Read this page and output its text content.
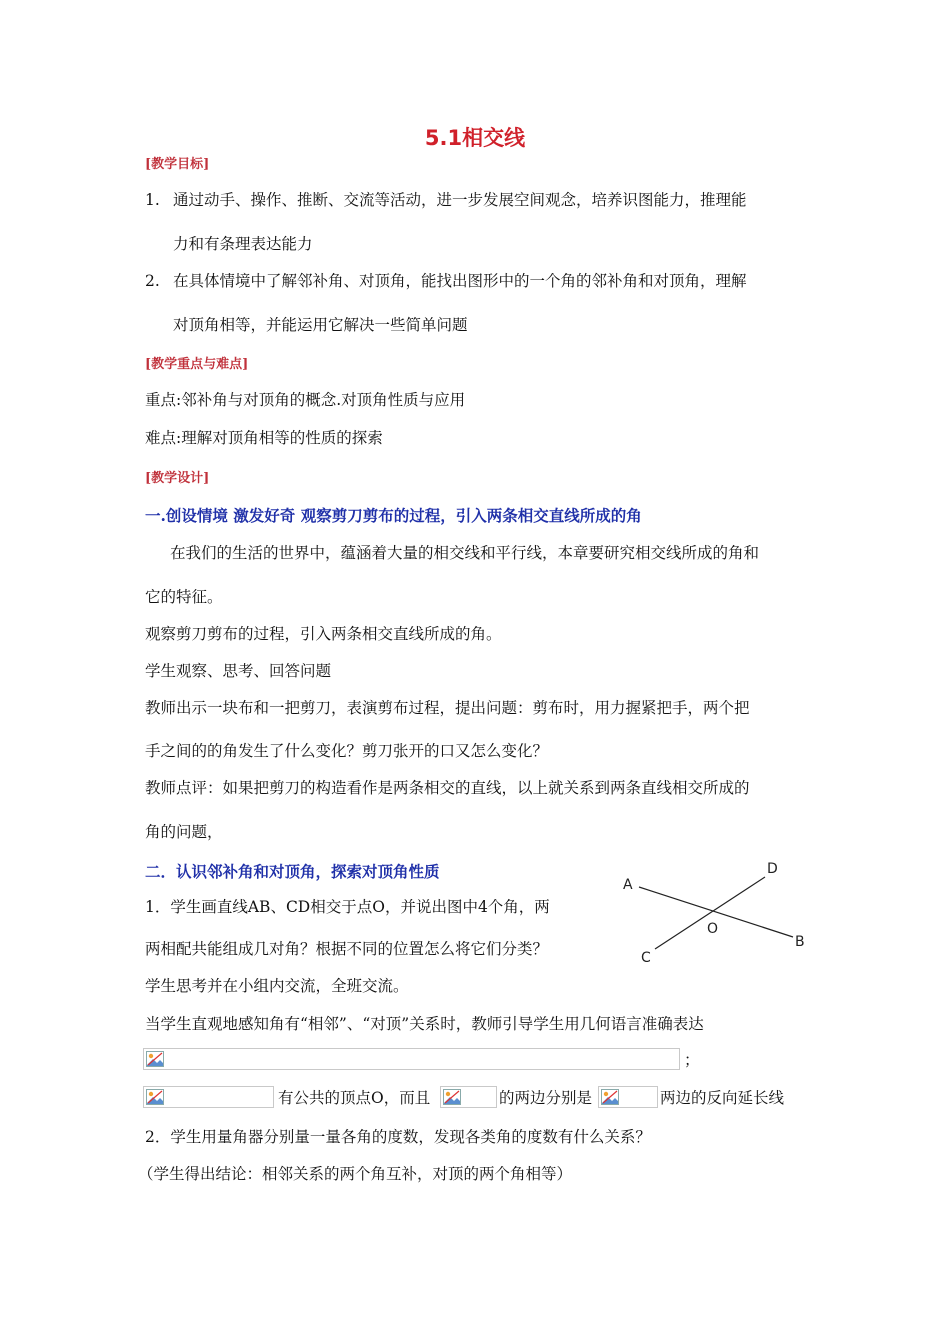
5.1相交线
[教学目标]
1. 通过动手、操作、推断、交流等活动，进一步发展空间观念，培养识图能力，推理能
力和有条理表达能力
2. 在具体情境中了解邻补角、对顶角，能找出图形中的一个角的邻补角和对顶角，理解
对顶角相等，并能运用它解决一些简单问题
[教学重点与难点]
重点:邻补角与对顶角的概念.对顶角性质与应用
难点:理解对顶角相等的性质的探索
[教学设计]
一.创设情境 激发好奇 观察剪刀剪布的过程，引入两条相交直线所成的角
在我们的生活的世界中，蕴涵着大量的相交线和平行线，本章要研究相交线所成的角和
它的特征。
观察剪刀剪布的过程，引入两条相交直线所成的角。
学生观察、思考、回答问题
教师出示一块布和一把剪刀，表演剪布过程，提出问题：剪布时，用力握紧把手，两个把
手之间的的角发生了什么变化？剪刀张开的口又怎么变化？
教师点评：如果把剪刀的构造看作是两条相交的直线，以上就关系到两条直线相交所成的
角的问题，
二．认识邻补角和对顶角，探索对顶角性质
1．学生画直线AB、CD相交于点O，并说出图中4个角，两
两相配共能组成几对角？根据不同的位置怎么将它们分类？
学生思考并在小组内交流，全班交流。
当学生直观地感知角有“相邻”、“对顶”关系时，教师引导学生用几何语言准确表达
A
B
C
D
O
；
有公共的顶点O，而且	的两边分别是	两边的反向延长线
2．学生用量角器分别量一量各角的度数，发现各类角的度数有什么关系？
（学生得出结论：相邻关系的两个角互补，对顶的两个角相等）
